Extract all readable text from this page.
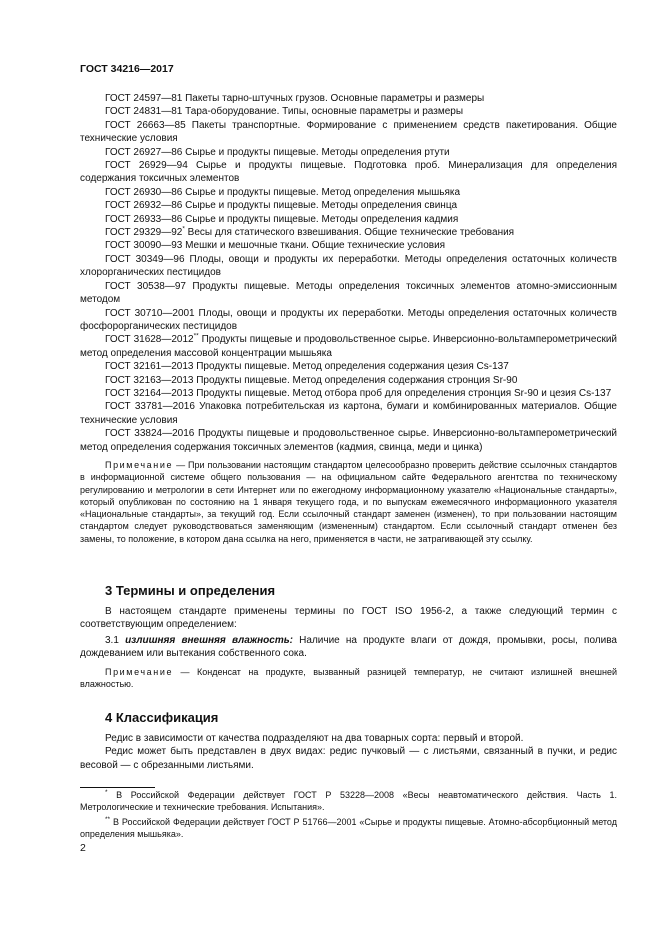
ГОСТ 34216—2017

ГОСТ 24597—81 Пакеты тарно-штучных грузов. Основные параметры и размеры

ГОСТ 24831—81 Тара-оборудование. Типы, основные параметры и размеры

ГОСТ 26663—85 Пакеты транспортные. Формирование с применением средств пакетирования. Общие технические условия

ГОСТ 26927—86 Сырье и продукты пищевые. Методы определения ртути

ГОСТ 26929—94 Сырье и продукты пищевые. Подготовка проб. Минерализация для определения содержания токсичных элементов

ГОСТ 26930—86 Сырье и продукты пищевые. Метод определения мышьяка

ГОСТ 26932—86 Сырье и продукты пищевые. Методы определения свинца

ГОСТ 26933—86 Сырье и продукты пищевые. Методы определения кадмия

ГОСТ 29329—92* Весы для статического взвешивания. Общие технические требования

ГОСТ 30090—93 Мешки и мешочные ткани. Общие технические условия

ГОСТ 30349—96 Плоды, овощи и продукты их переработки. Методы определения остаточных количеств хлорорганических пестицидов

ГОСТ 30538—97 Продукты пищевые. Методы определения токсичных элементов атомно-эмиссионным методом

ГОСТ 30710—2001 Плоды, овощи и продукты их переработки. Методы определения остаточных количеств фосфорорганических пестицидов

ГОСТ 31628—2012** Продукты пищевые и продовольственное сырье. Инверсионно-вольтамперометрический метод определения массовой концентрации мышьяка

ГОСТ 32161—2013 Продукты пищевые. Метод определения содержания цезия Cs-137

ГОСТ 32163—2013 Продукты пищевые. Метод определения содержания стронция Sr-90

ГОСТ 32164—2013 Продукты пищевые. Метод отбора проб для определения стронция Sr-90 и цезия Cs-137

ГОСТ 33781—2016 Упаковка потребительская из картона, бумаги и комбинированных материалов. Общие технические условия

ГОСТ 33824—2016 Продукты пищевые и продовольственное сырье. Инверсионно-вольтамперометрический метод определения содержания токсичных элементов (кадмия, свинца, меди и цинка)

Примечание — При пользовании настоящим стандартом целесообразно проверить действие ссылочных стандартов в информационной системе общего пользования — на официальном сайте Федерального агентства по техническому регулированию и метрологии в сети Интернет или по ежегодному информационному указателю «Национальные стандарты», который опубликован по состоянию на 1 января текущего года, и по выпускам ежемесячного информационного указателя «Национальные стандарты», за текущий год. Если ссылочный стандарт заменен (изменен), то при пользовании настоящим стандартом следует руководствоваться заменяющим (измененным) стандартом. Если ссылочный стандарт отменен без замены, то положение, в котором дана ссылка на него, применяется в части, не затрагивающей эту ссылку.

3 Термины и определения

В настоящем стандарте применены термины по ГОСТ ISO 1956-2, а также следующий термин с соответствующим определением:

3.1 излишняя внешняя влажность: Наличие на продукте влаги от дождя, промывки, росы, полива дождеванием или вытекания собственного сока.

Примечание — Конденсат на продукте, вызванный разницей температур, не считают излишней внешней влажностью.

4 Классификация

Редис в зависимости от качества подразделяют на два товарных сорта: первый и второй.

Редис может быть представлен в двух видах: редис пучковый — с листьями, связанный в пучки, и редис весовой — с обрезанными листьями.

* В Российской Федерации действует ГОСТ Р 53228—2008 «Весы неавтоматического действия. Часть 1. Метрологические и технические требования. Испытания».

** В Российской Федерации действует ГОСТ Р 51766—2001 «Сырье и продукты пищевые. Атомно-абсорбционный метод определения мышьяка».

2
